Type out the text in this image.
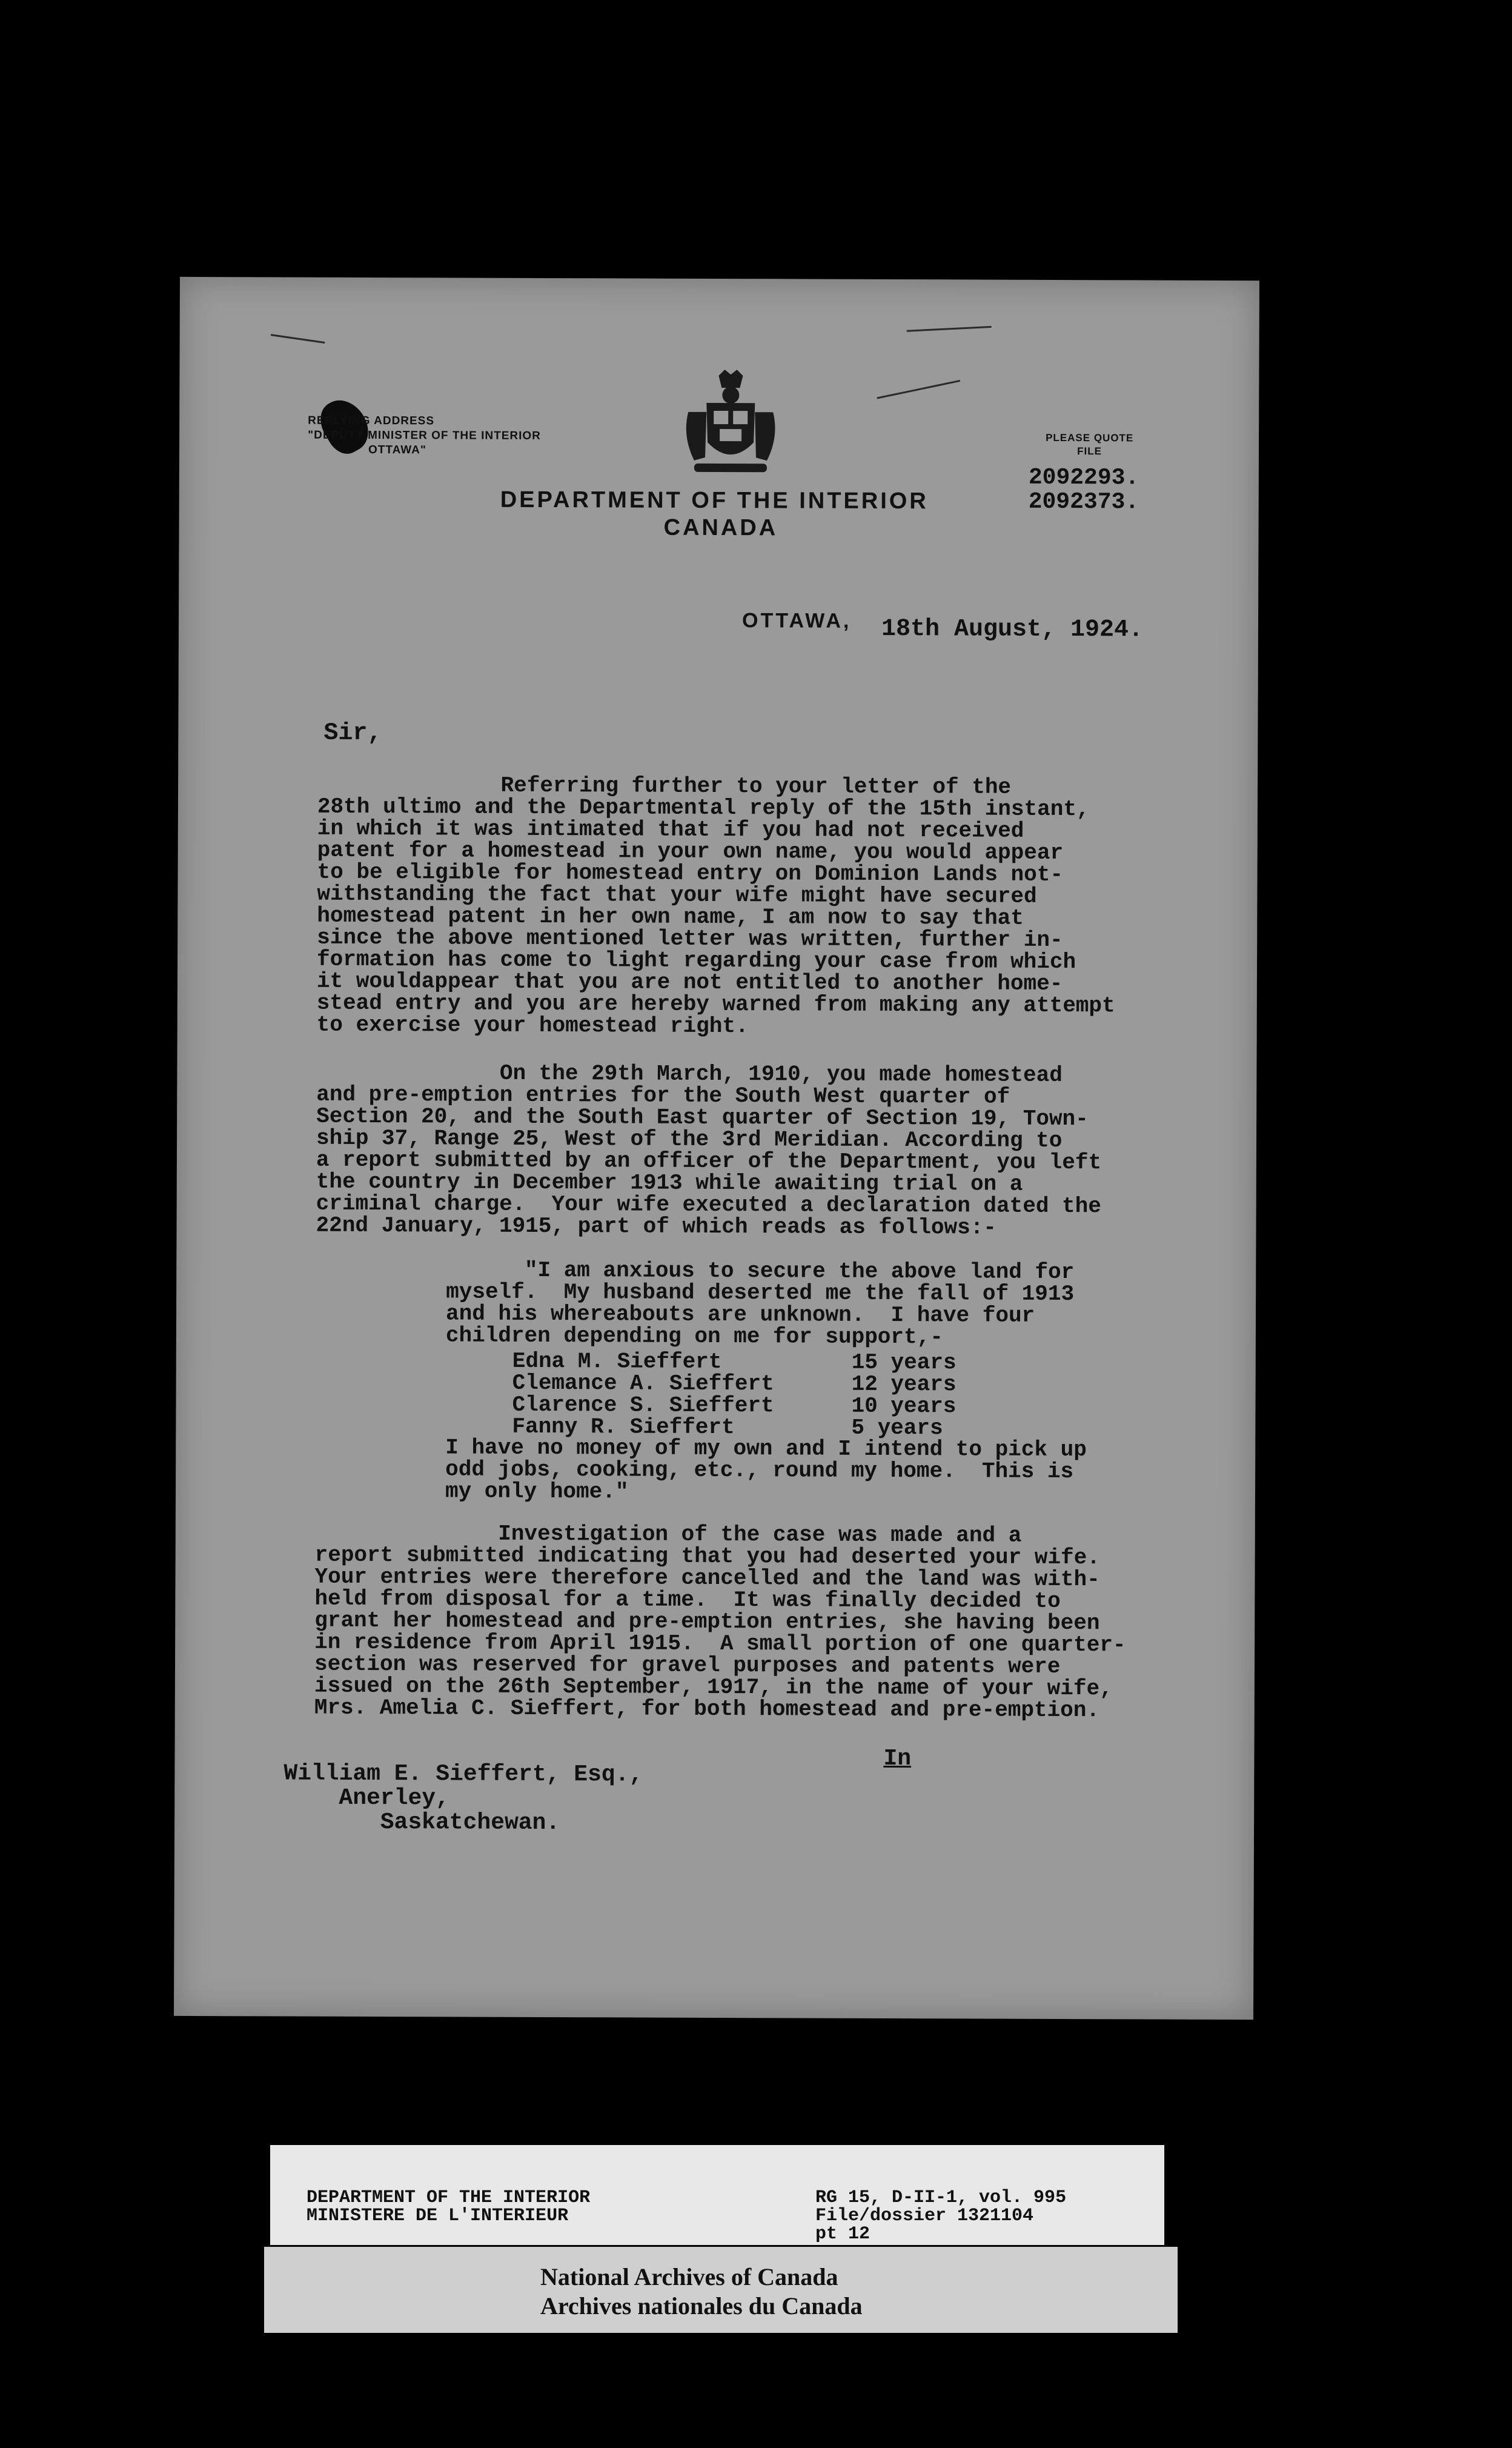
REPLYING ADDRESS
"DEPUTY MINISTER OF THE INTERIOR
OTTAWA"
DEPARTMENT OF THE INTERIOR
CANADA
PLEASE QUOTE
FILE
2092293.
2092373.
OTTAWA, 18th August, 1924.
Sir,
Referring further to your letter of the
28th ultimo and the Departmental reply of the 15th instant,
in which it was intimated that if you had not received
patent for a homestead in your own name, you would appear
to be eligible for homestead entry on Dominion Lands not-
withstanding the fact that your wife might have secured
homestead patent in her own name, I am now to say that
since the above mentioned letter was written, further in-
formation has come to light regarding your case from which
it wouldappear that you are not entitled to another home-
stead entry and you are hereby warned from making any attempt
to exercise your homestead right.
On the 29th March, 1910, you made homestead
and pre-emption entries for the South West quarter of
Section 20, and the South East quarter of Section 19, Town-
ship 37, Range 25, West of the 3rd Meridian. According to
a report submitted by an officer of the Department, you left
the country in December 1913 while awaiting trial on a
criminal charge.  Your wife executed a declaration dated the
22nd January, 1915, part of which reads as follows:-
"I am anxious to secure the above land for
myself.  My husband deserted me the fall of 1913
and his whereabouts are unknown.  I have four
children depending on me for support,-
Edna M. Sieffert	15 years
Clemance A. Sieffert	12 years
Clarence S. Sieffert	10 years
Fanny R. Sieffert	5 years
I have no money of my own and I intend to pick up
odd jobs, cooking, etc., round my home.  This is
my only home."
Investigation of the case was made and a
report submitted indicating that you had deserted your wife.
Your entries were therefore cancelled and the land was with-
held from disposal for a time.  It was finally decided to
grant her homestead and pre-emption entries, she having been
in residence from April 1915.  A small portion of one quarter-
section was reserved for gravel purposes and patents were
issued on the 26th September, 1917, in the name of your wife,
Mrs. Amelia C. Sieffert, for both homestead and pre-emption.
In
William E. Sieffert, Esq.,
Anerley,
Saskatchewan.
DEPARTMENT OF THE INTERIOR
MINISTERE DE L'INTERIEUR
RG 15, D-II-1, vol. 995
File/dossier 1321104
pt 12
National Archives of Canada
Archives nationales du Canada
